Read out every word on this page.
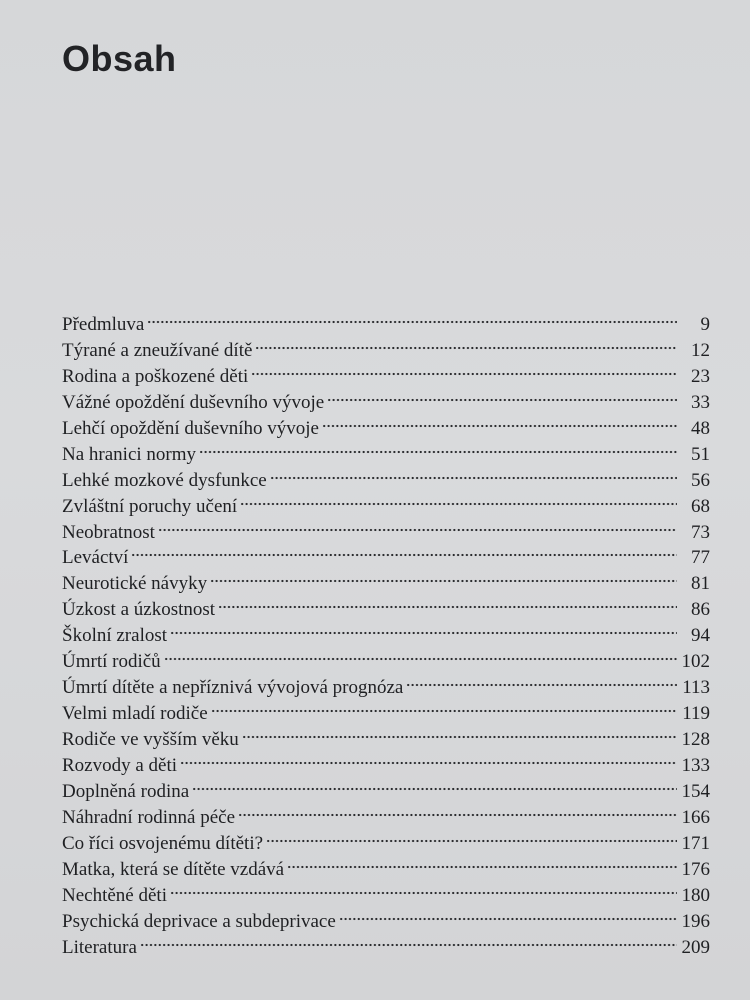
Obsah
Předmluva	9
Týrané a zneužívané dítě	12
Rodina a poškozené děti	23
Vážné opoždění duševního vývoje	33
Lehčí opoždění duševního vývoje	48
Na hranici normy	51
Lehké mozkové dysfunkce	56
Zvláštní poruchy učení	68
Neobratnost	73
Leváctví	77
Neurotické návyky	81
Úzkost a úzkostnost	86
Školní zralost	94
Úmrtí rodičů	102
Úmrtí dítěte a nepříznivá vývojová prognóza	113
Velmi mladí rodiče	119
Rodiče ve vyšším věku	128
Rozvody a děti	133
Doplněná rodina	154
Náhradní rodinná péče	166
Co říci osvojenému dítěti?	171
Matka, která se dítěte vzdává	176
Nechtěné děti	180
Psychická deprivace a subdeprivace	196
Literatura	209
